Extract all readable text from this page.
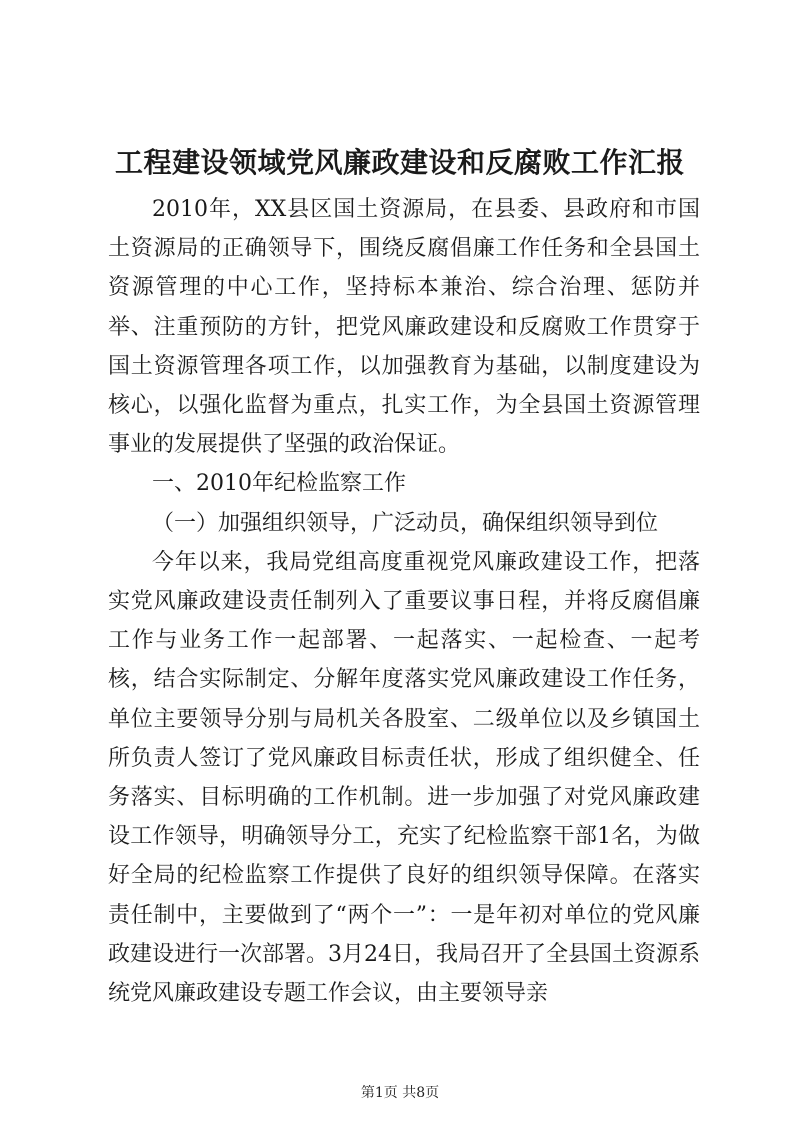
工程建设领域党风廉政建设和反腐败工作汇报

2010年，XX县区国土资源局，在县委、县政府和市国土资源局的正确领导下，围绕反腐倡廉工作任务和全县国土资源管理的中心工作，坚持标本兼治、综合治理、惩防并举、注重预防的方针，把党风廉政建设和反腐败工作贯穿于国土资源管理各项工作，以加强教育为基础，以制度建设为核心，以强化监督为重点，扎实工作，为全县国土资源管理事业的发展提供了坚强的政治保证。

一、2010年纪检监察工作

（一）加强组织领导，广泛动员，确保组织领导到位

今年以来，我局党组高度重视党风廉政建设工作，把落实党风廉政建设责任制列入了重要议事日程，并将反腐倡廉工作与业务工作一起部署、一起落实、一起检查、一起考核，结合实际制定、分解年度落实党风廉政建设工作任务，单位主要领导分别与局机关各股室、二级单位以及乡镇国土所负责人签订了党风廉政目标责任状，形成了组织健全、任务落实、目标明确的工作机制。进一步加强了对党风廉政建设工作领导，明确领导分工，充实了纪检监察干部1名，为做好全局的纪检监察工作提供了良好的组织领导保障。在落实责任制中，主要做到了“两个一”：一是年初对单位的党风廉政建设进行一次部署。3月24日，我局召开了全县国土资源系统党风廉政建设专题工作会议，由主要领导亲

第1页 共8页
